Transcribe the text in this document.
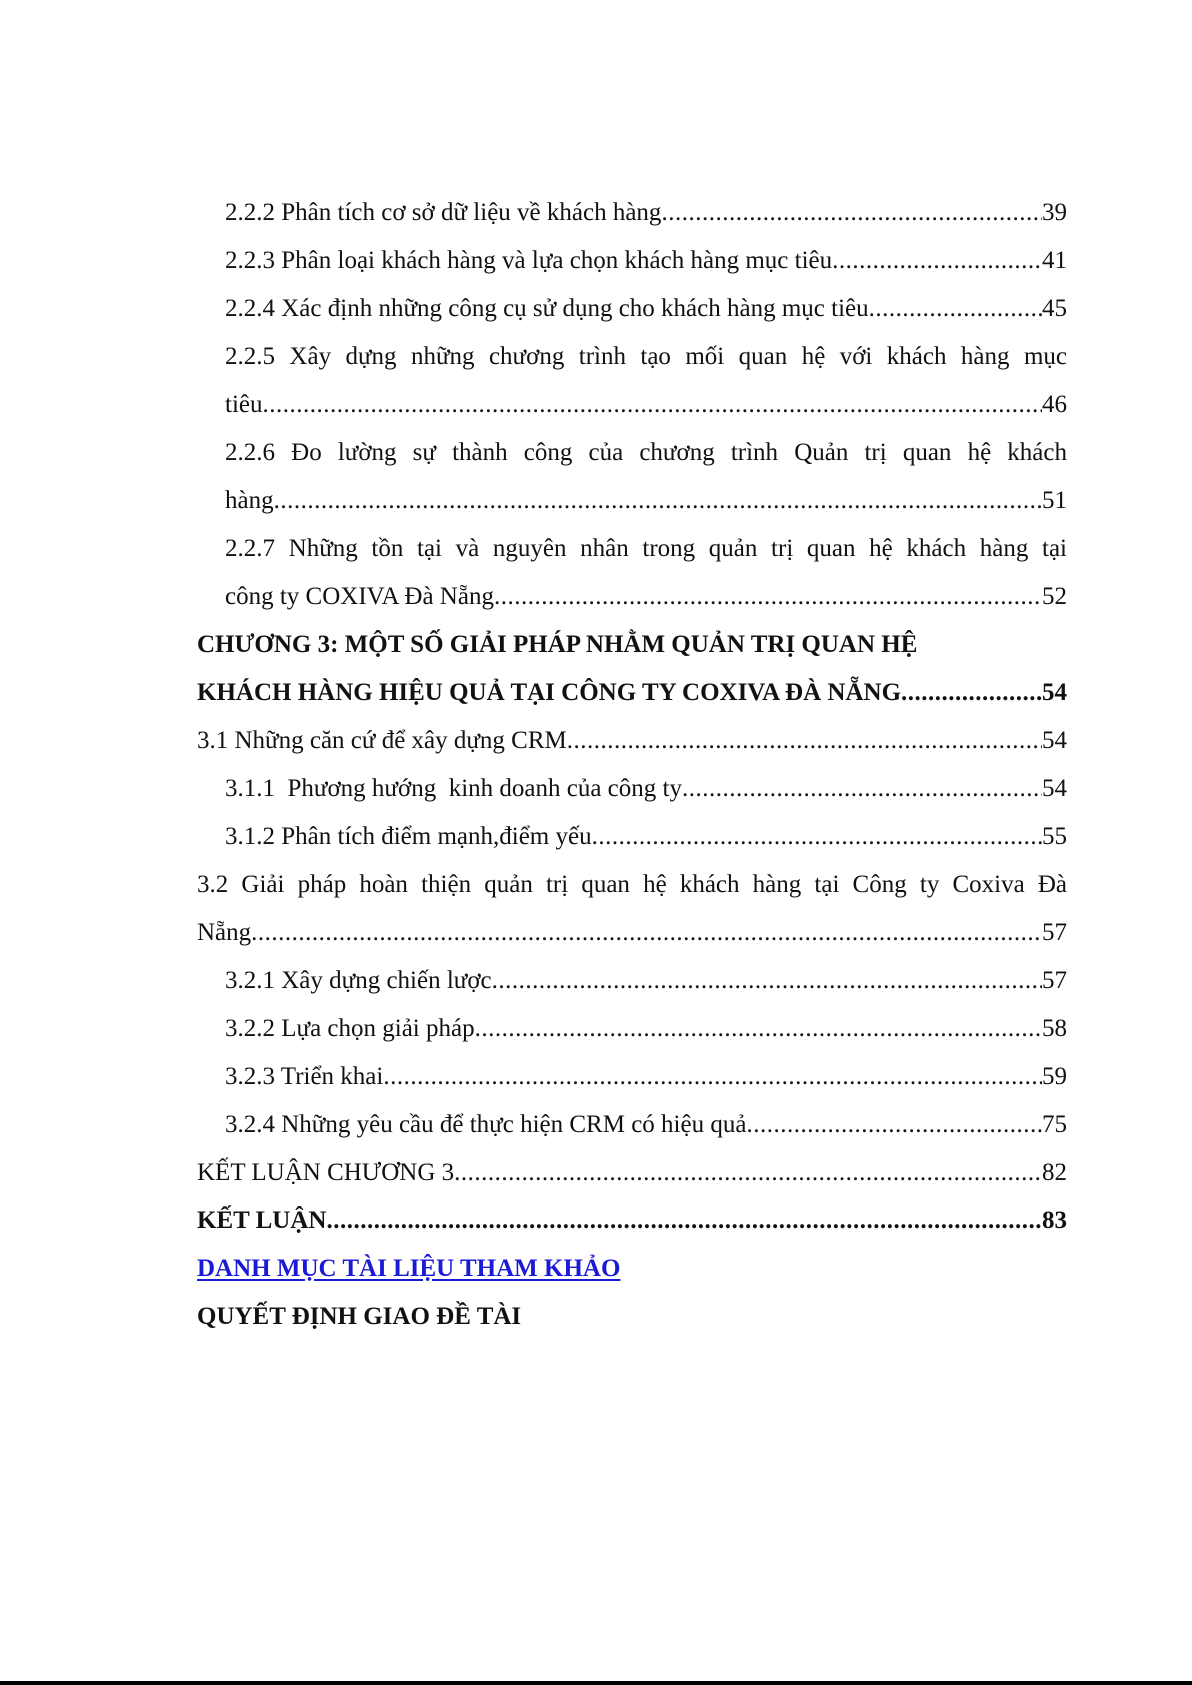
2.2.2 Phân tích cơ sở dữ liệu về khách hàng .....	39
2.2.3 Phân loại khách hàng và lựa chọn khách hàng mục tiêu .....	41
2.2.4 Xác định những công cụ sử dụng cho khách hàng mục tiêu .....	45
2.2.5 Xây dựng những chương trình tạo mối quan hệ với khách hàng mục
tiêu .....	46
2.2.6 Đo lường sự thành công của chương trình Quản trị quan hệ khách
hàng .....	51
2.2.7 Những tồn tại và nguyên nhân trong quản trị quan hệ khách hàng tại
công ty COXIVA Đà Nẵng .....	52
CHƯƠNG 3: MỘT SỐ GIẢI PHÁP NHẰM QUẢN TRỊ QUAN HỆ
KHÁCH HÀNG HIỆU QUẢ TẠI CÔNG TY COXIVA ĐÀ NẴNG .....	54
3.1 Những căn cứ để xây dựng CRM .....	54
3.1.1  Phương hướng  kinh doanh của công ty .....	54
3.1.2 Phân tích điểm mạnh,điểm yếu .....	55
3.2 Giải pháp hoàn thiện quản trị quan hệ khách hàng tại Công ty Coxiva Đà
Nẵng .....	57
3.2.1 Xây dựng chiến lược .....	57
3.2.2 Lựa chọn giải pháp .....	58
3.2.3 Triển khai .....	59
3.2.4 Những yêu cầu để thực hiện CRM có hiệu quả .....	75
KẾT LUẬN CHƯƠNG 3 .....	82
KẾT LUẬN .....	83
DANH MỤC TÀI LIỆU THAM KHẢO
QUYẾT ĐỊNH GIAO ĐỀ TÀI
